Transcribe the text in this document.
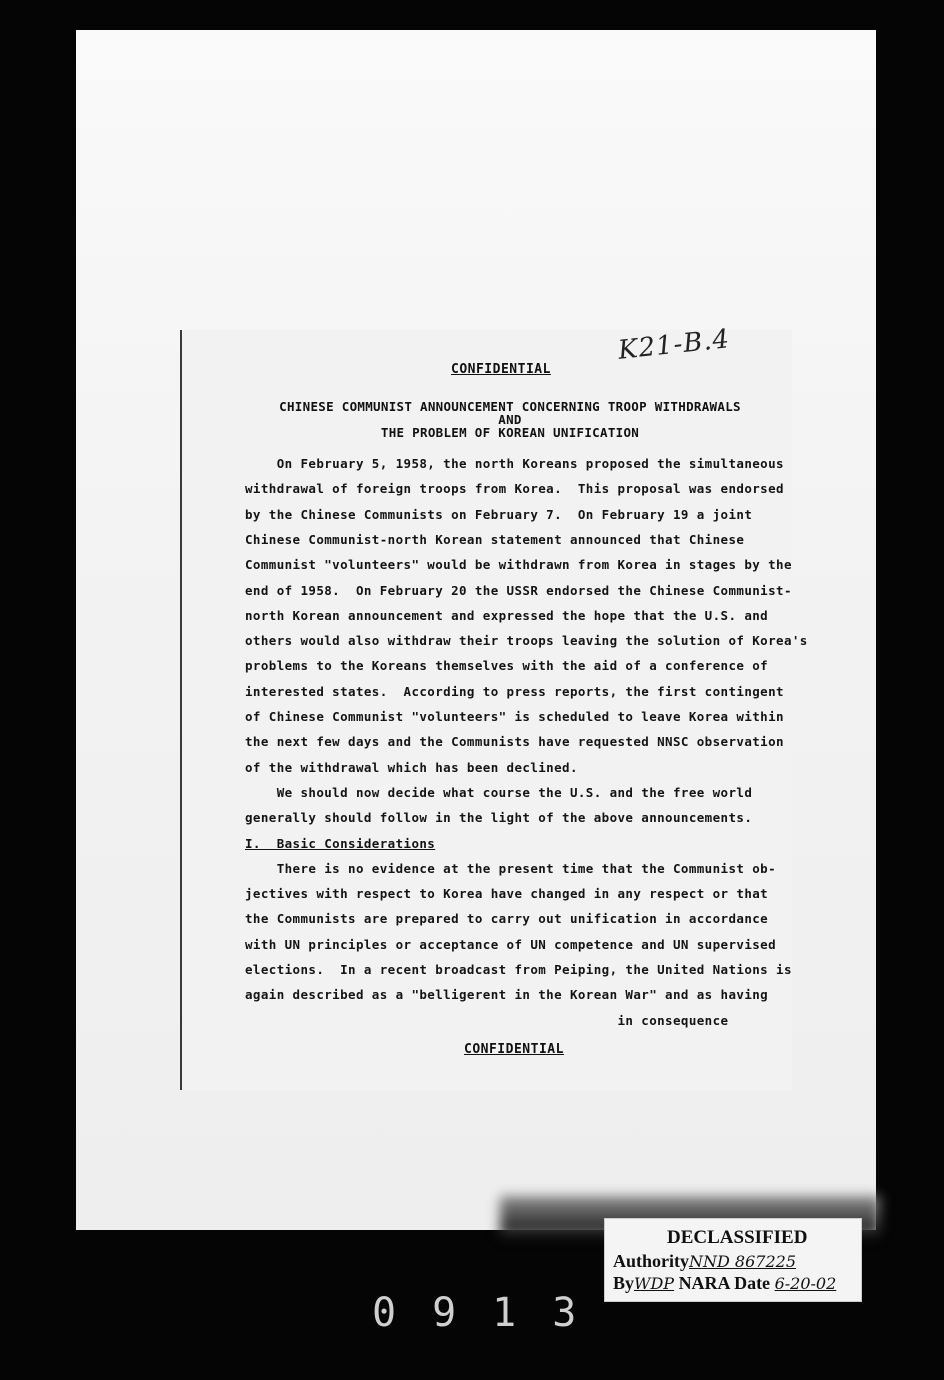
K21-B.4
CONFIDENTIAL
CHINESE COMMUNIST ANNOUNCEMENT CONCERNING TROOP WITHDRAWALS
AND
THE PROBLEM OF KOREAN UNIFICATION
On February 5, 1958, the north Koreans proposed the simultaneous
withdrawal of foreign troops from Korea.  This proposal was endorsed
by the Chinese Communists on February 7.  On February 19 a joint
Chinese Communist-north Korean statement announced that Chinese
Communist "volunteers" would be withdrawn from Korea in stages by the
end of 1958.  On February 20 the USSR endorsed the Chinese Communist-
north Korean announcement and expressed the hope that the U.S. and
others would also withdraw their troops leaving the solution of Korea's
problems to the Koreans themselves with the aid of a conference of
interested states.  According to press reports, the first contingent
of Chinese Communist "volunteers" is scheduled to leave Korea within
the next few days and the Communists have requested NNSC observation
of the withdrawal which has been declined.
We should now decide what course the U.S. and the free world
generally should follow in the light of the above announcements.
I.  Basic Considerations
There is no evidence at the present time that the Communist ob-
jectives with respect to Korea have changed in any respect or that
the Communists are prepared to carry out unification in accordance
with UN principles or acceptance of UN competence and UN supervised
elections.  In a recent broadcast from Peiping, the United Nations is
again described as a "belligerent in the Korean War" and as having
in consequence
CONFIDENTIAL
DECLASSIFIED
AuthorityNND 867225
ByWDP NARA Date 6-20-02
0913
